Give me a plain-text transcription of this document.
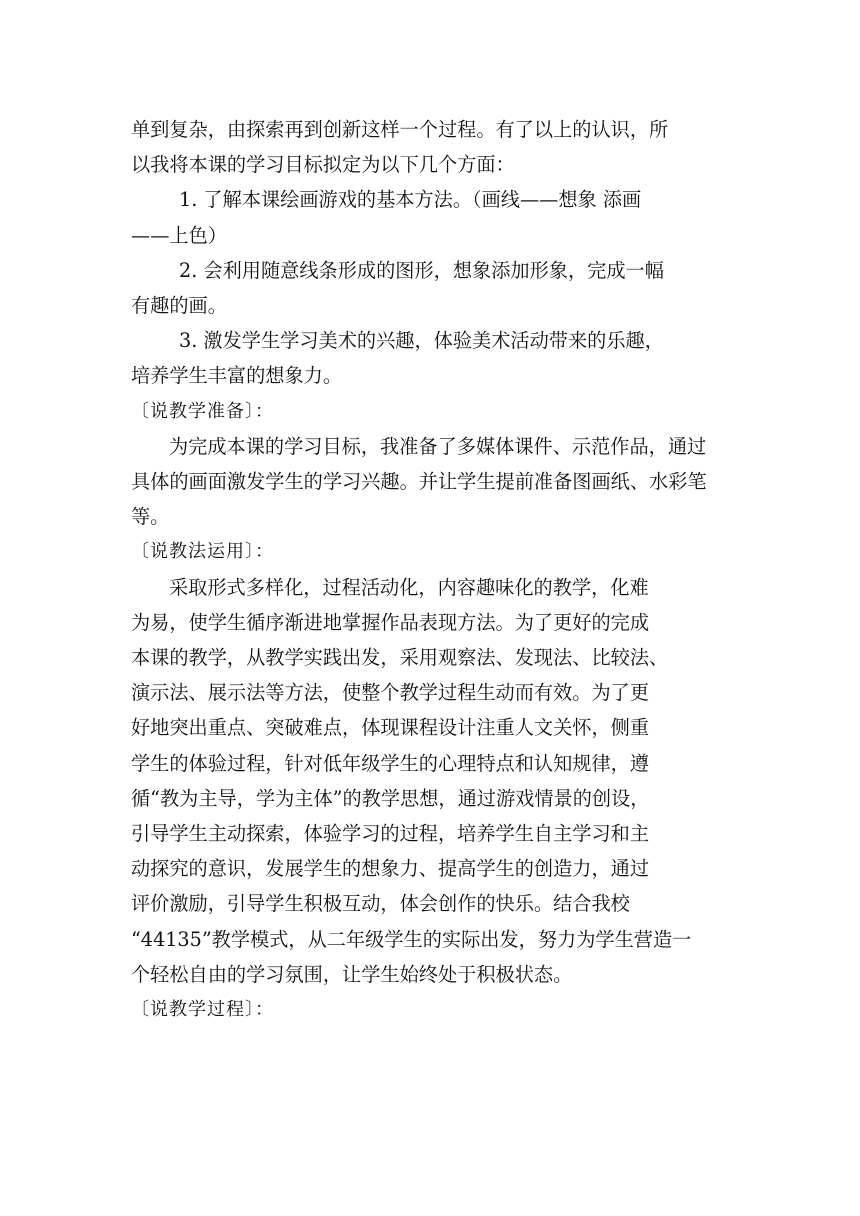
单到复杂，由探索再到创新这样一个过程。有了以上的认识，所
以我将本课的学习目标拟定为以下几个方面：

1. 了解本课绘画游戏的基本方法。（画线——想象 添画
——上色）

2. 会利用随意线条形成的图形，想象添加形象，完成一幅
有趣的画。

3. 激发学生学习美术的兴趣，体验美术活动带来的乐趣，
培养学生丰富的想象力。

〔说教学准备〕：

为完成本课的学习目标，我准备了多媒体课件、示范作品，通过
具体的画面激发学生的学习兴趣。并让学生提前准备图画纸、水彩笔
等。

〔说教法运用〕：

采取形式多样化，过程活动化，内容趣味化的教学，化难
为易，使学生循序渐进地掌握作品表现方法。为了更好的完成
本课的教学，从教学实践出发，采用观察法、发现法、比较法、
演示法、展示法等方法，使整个教学过程生动而有效。为了更
好地突出重点、突破难点，体现课程设计注重人文关怀，侧重
学生的体验过程，针对低年级学生的心理特点和认知规律，遵
循“教为主导，学为主体”的教学思想，通过游戏情景的创设，
引导学生主动探索，体验学习的过程，培养学生自主学习和主
动探究的意识，发展学生的想象力、提高学生的创造力，通过
评价激励，引导学生积极互动，体会创作的快乐。结合我校
“44135”教学模式，从二年级学生的实际出发，努力为学生营造一
个轻松自由的学习氛围，让学生始终处于积极状态。

〔说教学过程〕：
